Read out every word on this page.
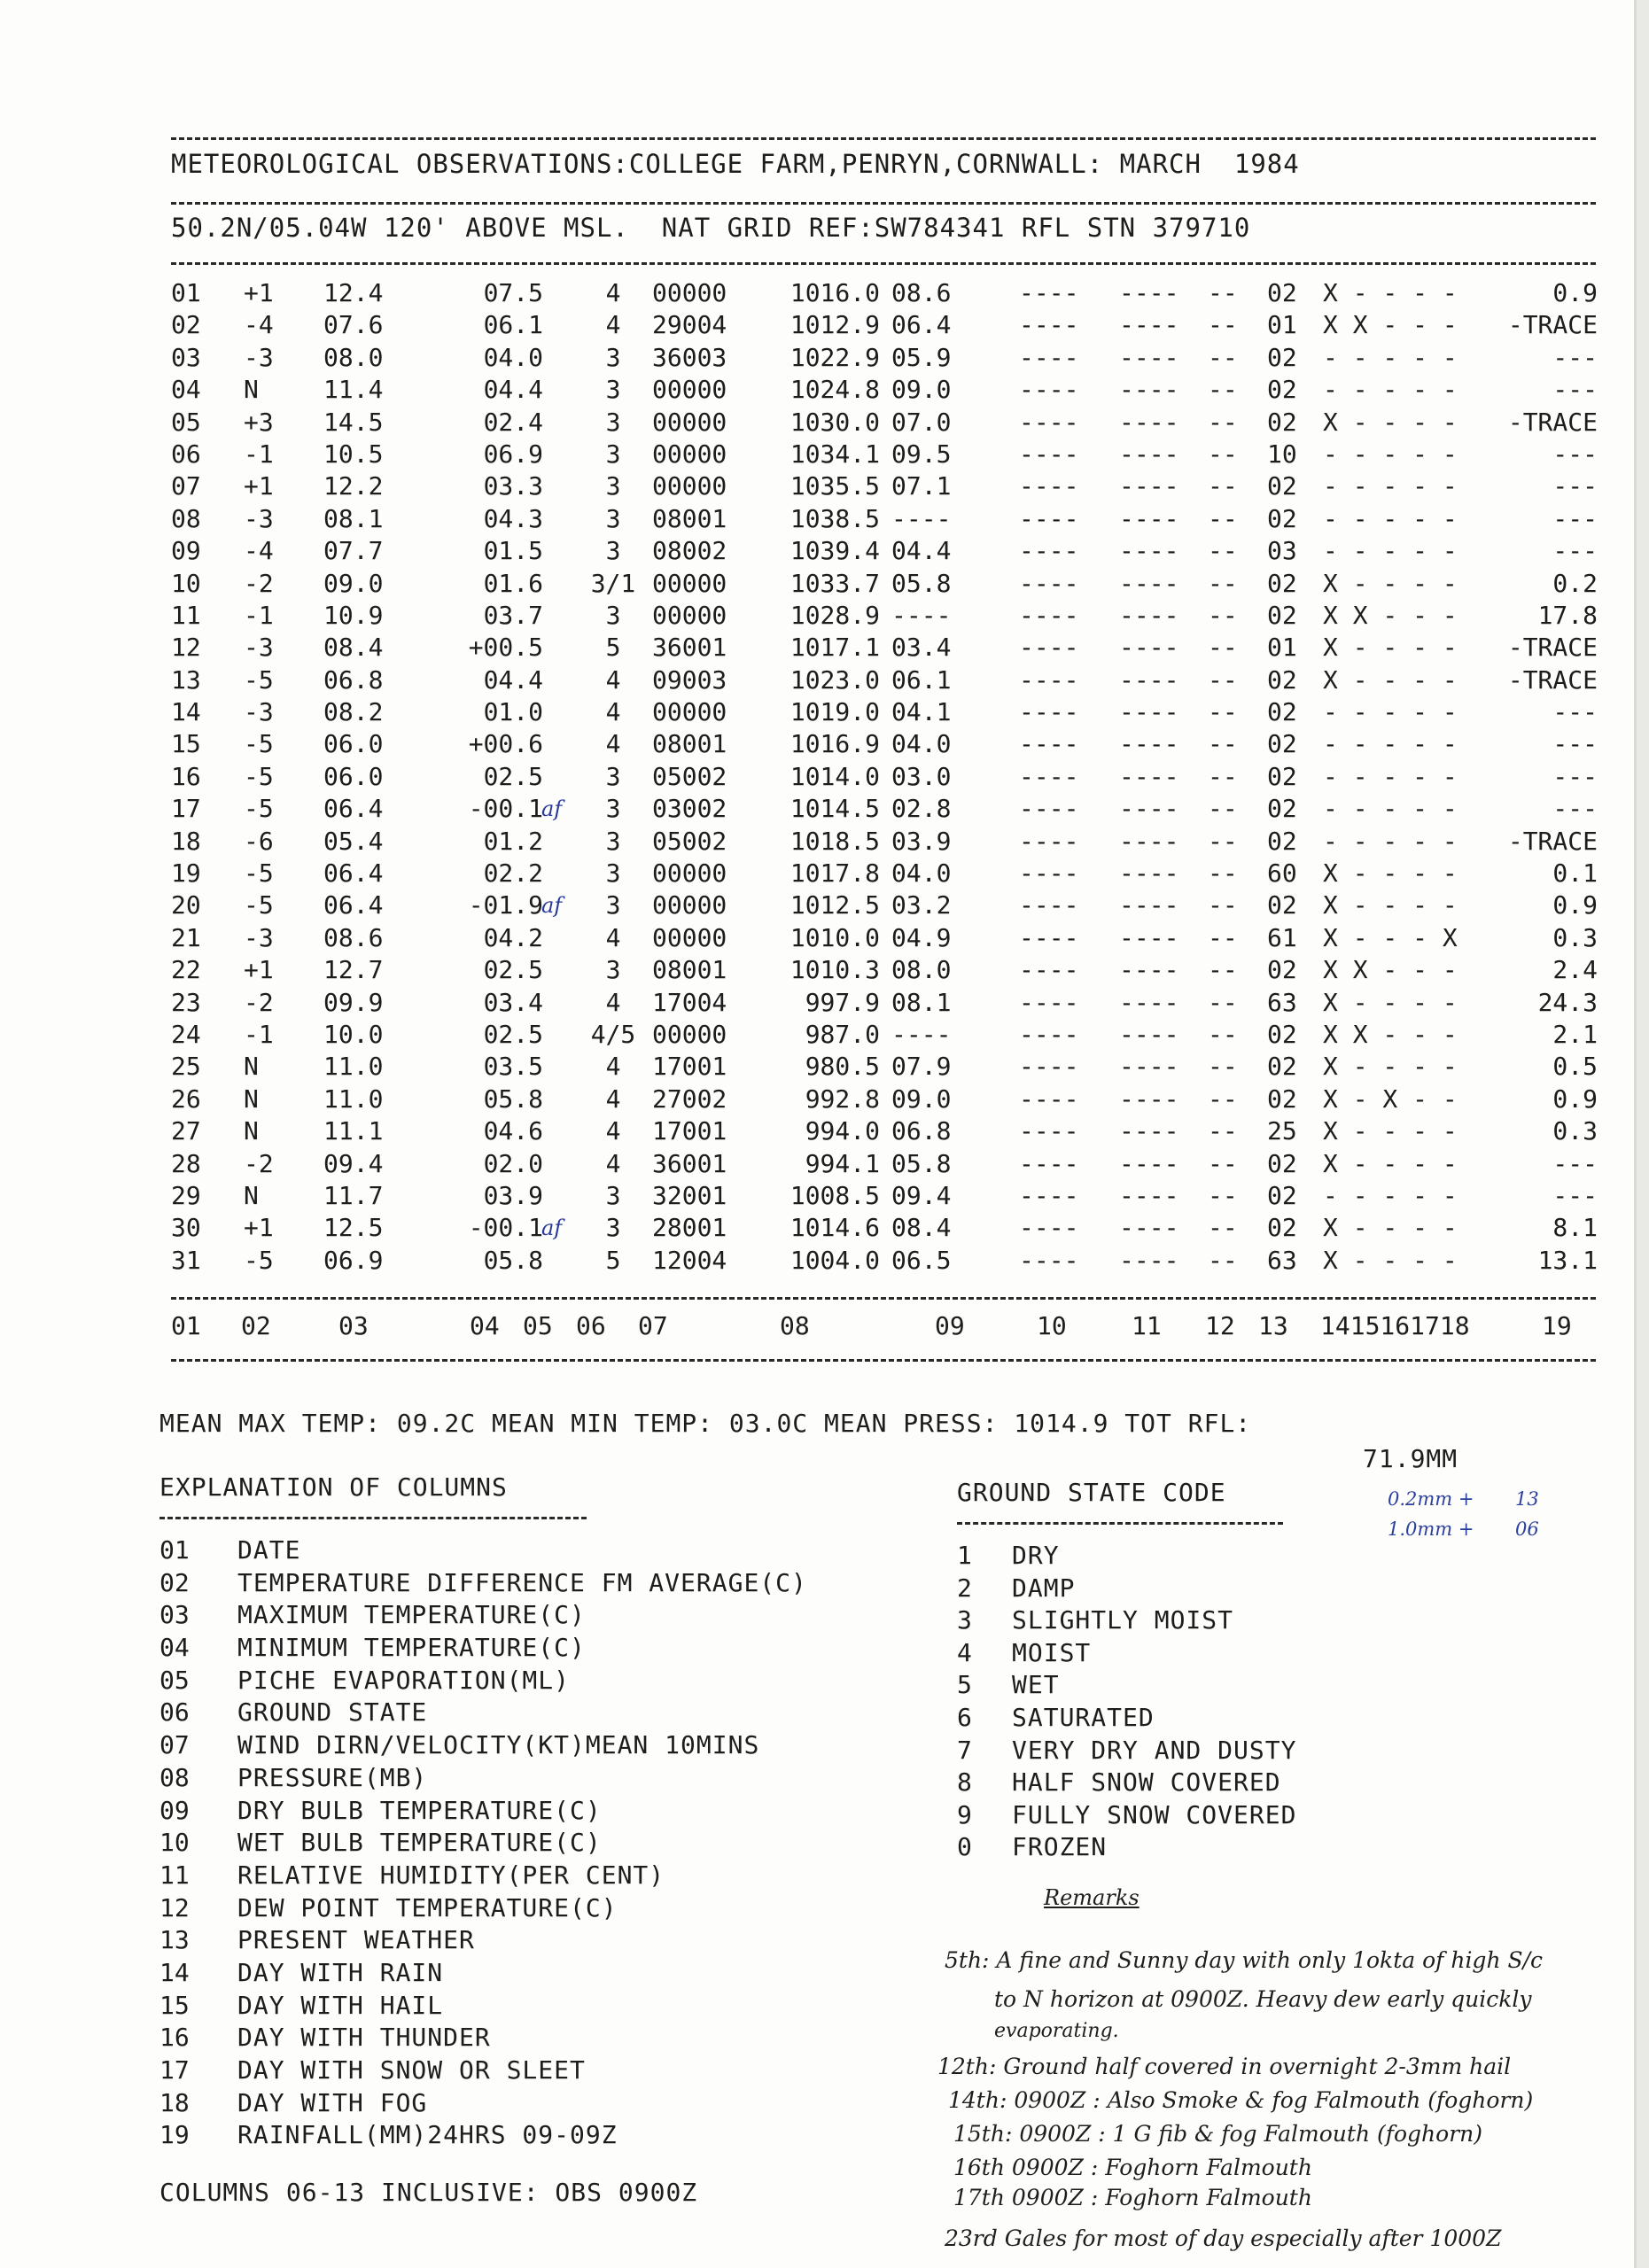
METEOROLOGICAL OBSERVATIONS:COLLEGE FARM,PENRYN,CORNWALL: MARCH  1984
50.2N/05.04W 120' ABOVE MSL.  NAT GRID REF:SW784341 RFL STN 379710
01 +1 12.4	07.5	4	00000	1016.0 08.6	---- ---- -- 02 X - - - -	0.9
02 -4 07.6	06.1	4	29004	1012.9 06.4	---- ---- -- 01 X X - - - -TRACE
03 -3 08.0	04.0	3	36003	1022.9 05.9	---- ---- -- 02 - - - - -	---
04 N	11.4	04.4	3	00000	1024.8 09.0	---- ---- -- 02 - - - - -	---
05 +3 14.5	02.4	3	00000	1030.0 07.0	---- ---- -- 02 X - - - - -TRACE
06 -1 10.5	06.9	3	00000	1034.1 09.5	---- ---- -- 10 - - - - -	---
07 +1 12.2	03.3	3	00000	1035.5 07.1	---- ---- -- 02 - - - - -	---
08 -3 08.1	04.3	3	08001	1038.5 ----	---- ---- -- 02 - - - - -	---
09 -4 07.7	01.5	3	08002	1039.4 04.4	---- ---- -- 03 - - - - -	---
10 -2 09.0	01.6 3/1 00000	1033.7 05.8	---- ---- -- 02 X - - - -	0.2
11 -1 10.9	03.7	3	00000	1028.9 ----	---- ---- -- 02 X X - - -	17.8
12 -3 08.4	+00.5	5	36001	1017.1 03.4	---- ---- -- 01 X - - - - -TRACE
13 -5 06.8	04.4	4	09003	1023.0 06.1	---- ---- -- 02 X - - - - -TRACE
14 -3 08.2	01.0	4	00000	1019.0 04.1	---- ---- -- 02 - - - - -	---
15 -5 06.0	+00.6	4	08001	1016.9 04.0	---- ---- -- 02 - - - - -	---
16 -5 06.0	02.5	3	05002	1014.0 03.0	---- ---- -- 02 - - - - -	---
17 -5 06.4	-00.1	3	03002	1014.5 02.8	---- ---- -- 02 - - - - -	---
af
18 -6 05.4	01.2	3	05002	1018.5 03.9	---- ---- -- 02 - - - - - -TRACE
19 -5 06.4	02.2	3	00000	1017.8 04.0	---- ---- -- 60 X - - - -	0.1
20 -5 06.4	-01.9	3	00000	1012.5 03.2	---- ---- -- 02 X - - - -	0.9
af
21 -3 08.6	04.2	4	00000	1010.0 04.9	---- ---- -- 61 X - - - X	0.3
22 +1 12.7	02.5	3	08001	1010.3 08.0	---- ---- -- 02 X X - - -	2.4
23 -2 09.9	03.4	4	17004	997.9 08.1	---- ---- -- 63 X - - - -	24.3
24 -1 10.0	02.5 4/5 00000	987.0 ----	---- ---- -- 02 X X - - -	2.1
25 N	11.0	03.5	4	17001	980.5 07.9	---- ---- -- 02 X - - - -	0.5
26 N	11.0	05.8	4	27002	992.8 09.0	---- ---- -- 02 X - X - -	0.9
27 N	11.1	04.6	4	17001	994.0 06.8	---- ---- -- 25 X - - - -	0.3
28 -2 09.4	02.0	4	36001	994.1 05.8	---- ---- -- 02 X - - - -	---
29 N	11.7	03.9	3	32001	1008.5 09.4	---- ---- -- 02 - - - - -	---
30 +1 12.5	-00.1	3	28001	1014.6 08.4	---- ---- -- 02 X - - - -	8.1
af
31 -5 06.9	05.8	5	12004	1004.0 06.5	---- ---- -- 63 X - - - -	13.1
01 02	03	04 05 06 07	08	09	10	11 12 13 1415161718	19
MEAN MAX TEMP: 09.2C MEAN MIN TEMP: 03.0C MEAN PRESS: 1014.9 TOT RFL:
71.9MM
EXPLANATION OF COLUMNS
01 DATE
02 TEMPERATURE DIFFERENCE FM AVERAGE(C)
03 MAXIMUM TEMPERATURE(C)
04 MINIMUM TEMPERATURE(C)
05 PICHE EVAPORATION(ML)
06 GROUND STATE
07 WIND DIRN/VELOCITY(KT)MEAN 10MINS
08 PRESSURE(MB)
09 DRY BULB TEMPERATURE(C)
10 WET BULB TEMPERATURE(C)
11 RELATIVE HUMIDITY(PER CENT)
12 DEW POINT TEMPERATURE(C)
13 PRESENT WEATHER
14 DAY WITH RAIN
15 DAY WITH HAIL
16 DAY WITH THUNDER
17 DAY WITH SNOW OR SLEET
18 DAY WITH FOG
19 RAINFALL(MM)24HRS 09-09Z
GROUND STATE CODE
1 DRY
2 DAMP
3 SLIGHTLY MOIST
4 MOIST
5 WET
6 SATURATED
7 VERY DRY AND DUSTY
8 HALF SNOW COVERED
9 FULLY SNOW COVERED
0 FROZEN
0.2mm + 13
1.0mm + 06
Remarks
5th: A fine and Sunny day with only 1okta of high S/c
to N horizon at 0900Z. Heavy dew early quickly
evaporating.
12th: Ground half covered in overnight 2-3mm hail
14th: 0900Z : Also Smoke & fog Falmouth (foghorn)
15th: 0900Z : 1 G fib & fog Falmouth (foghorn)
16th 0900Z : Foghorn Falmouth
17th 0900Z : Foghorn Falmouth
23rd Gales for most of day especially after 1000Z
COLUMNS 06-13 INCLUSIVE: OBS 0900Z
